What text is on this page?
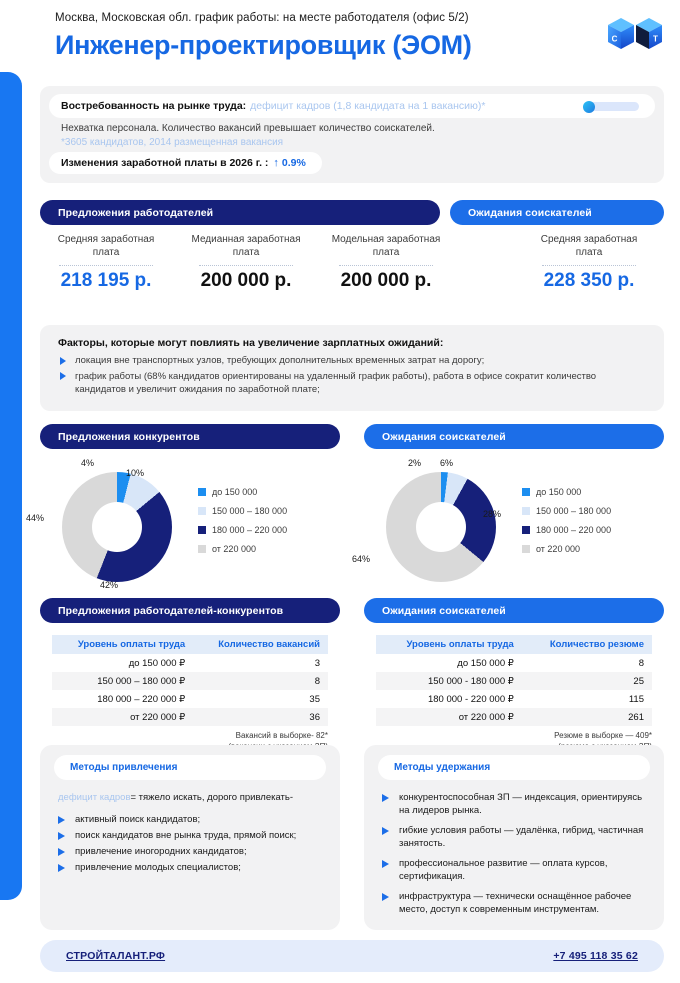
Москва, Московская обл. график работы: на месте работодателя (офис 5/2)
Инженер-проектировщик (ЭОМ)	C T
Востребованность на рынке труда: дефицит кадров (1,8 кандидата на 1 вакансию)*
Нехватка персонала. Количество вакансий превышает количество соискателей.
*3605 кандидатов, 2014 размещенная вакансия
Изменения заработной платы в 2026 г. : ↑ 0.9%
Предложения работодателей	Ожидания соискателей
Средняя заработная плата
218 195 р.
Медианная заработная плата
200 000 р.
Модельная заработная плата
200 000 р.
Средняя заработная плата
228 350 р.
Факторы, которые могут повлиять на увеличение зарплатных ожиданий:
локация вне транспортных узлов, требующих дополнительных временных затрат на дорогу;
график работы (68% кандидатов ориентированы на удаленный график работы), работа в офисе сократит количество кандидатов и увеличит ожидания по заработной плате;
Предложения конкурентов	Ожидания соискателей
4%
10%
42%
44%
до 150 000
150 000 – 180 000
180 000 – 220 000
от 220 000
2% 6%
28%
64%
до 150 000
150 000 – 180 000
180 000 – 220 000
от 220 000
Предложения работодателей-конкурентов	Ожидания соискателей
Уровень оплаты труда	Количество вакансий
до 150 000 ₽	3
150 000 – 180 000 ₽	8
180 000 – 220 000 ₽	35
от 220 000 ₽	36
Вакансий в выборке- 82*
Уровень оплаты труда	Количество резюме
до 150 000 ₽	8
150 000 - 180 000 ₽	25
180 000 - 220 000 ₽	115
от 220 000 ₽	261
Резюме в выборке — 409*
Методы привлечения
дефицит кадров= тяжело искать, дорого привлекать-
активный поиск кандидатов;
поиск кандидатов вне рынка труда, прямой поиск;
привлечение иногородних кандидатов;
привлечение молодых специалистов;
Методы удержания
конкурентоспособная ЗП — индексация, ориентируясь на лидеров рынка.
гибкие условия работы — удалёнка, гибрид, частичная занятость.
профессиональное развитие — оплата курсов, сертификация.
инфраструктура — технически оснащённое рабочее место, доступ к современным инструментам.
СТРОЙТАЛАНТ.РФ	+7 495 118 35 62
